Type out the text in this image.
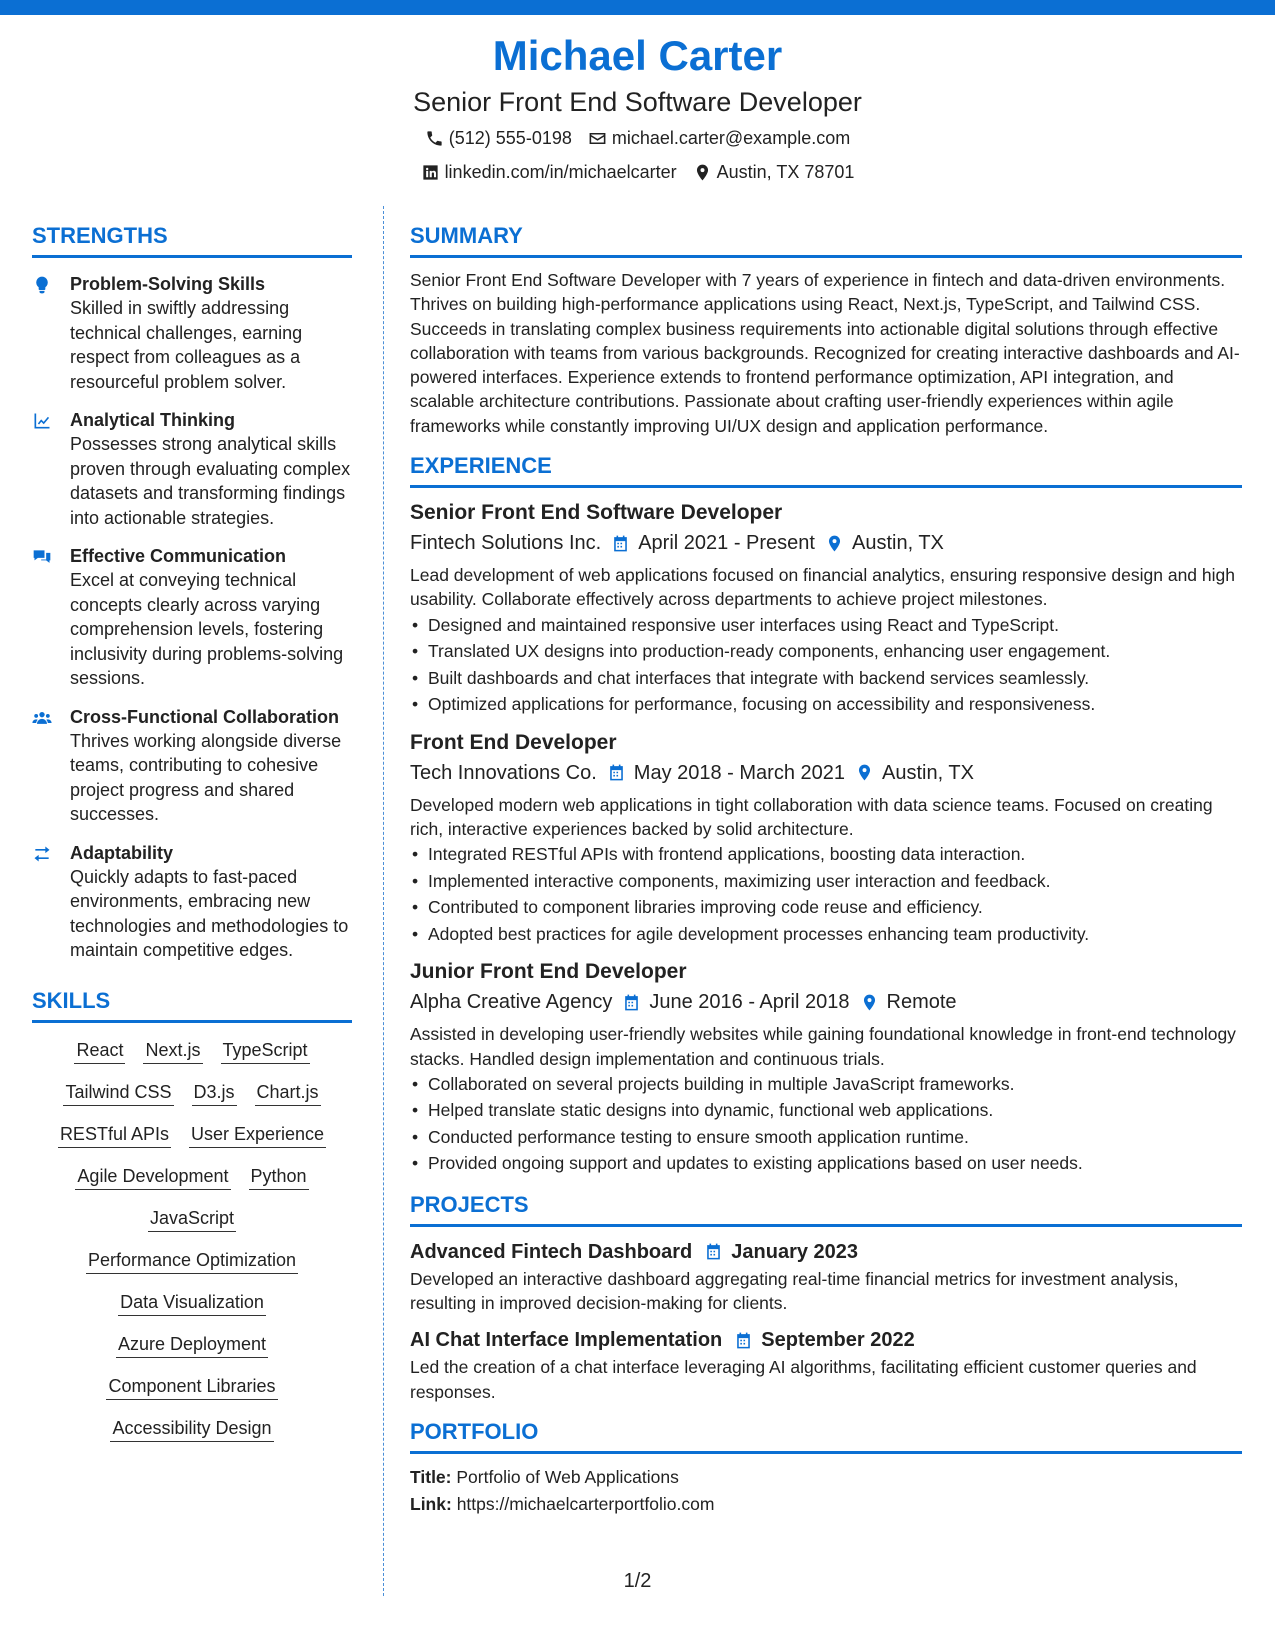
Michael Carter
Senior Front End Software Developer
(512) 555-0198 michael.carter@example.com
linkedin.com/in/michaelcarter Austin, TX 78701
STRENGTHS
Problem-Solving Skills
Skilled in swiftly addressing technical challenges, earning respect from colleagues as a resourceful problem solver.
Analytical Thinking
Possesses strong analytical skills proven through evaluating complex datasets and transforming findings into actionable strategies.
Effective Communication
Excel at conveying technical concepts clearly across varying comprehension levels, fostering inclusivity during problems-solving sessions.
Cross-Functional Collaboration
Thrives working alongside diverse teams, contributing to cohesive project progress and shared successes.
Adaptability
Quickly adapts to fast-paced environments, embracing new technologies and methodologies to maintain competitive edges.
SKILLS
React Next.js TypeScript
Tailwind CSS D3.js Chart.js
RESTful APIs User Experience
Agile Development Python
JavaScript
Performance Optimization
Data Visualization
Azure Deployment
Component Libraries
Accessibility Design
SUMMARY
Senior Front End Software Developer with 7 years of experience in fintech and data-driven environments. Thrives on building high-performance applications using React, Next.js, TypeScript, and Tailwind CSS. Succeeds in translating complex business requirements into actionable digital solutions through effective collaboration with teams from various backgrounds. Recognized for creating interactive dashboards and AI-powered interfaces. Experience extends to frontend performance optimization, API integration, and scalable architecture contributions. Passionate about crafting user-friendly experiences within agile frameworks while constantly improving UI/UX design and application performance.
EXPERIENCE
Senior Front End Software Developer
Fintech Solutions Inc. April 2021 - Present Austin, TX
Lead development of web applications focused on financial analytics, ensuring responsive design and high usability. Collaborate effectively across departments to achieve project milestones.
• Designed and maintained responsive user interfaces using React and TypeScript.
• Translated UX designs into production-ready components, enhancing user engagement.
• Built dashboards and chat interfaces that integrate with backend services seamlessly.
• Optimized applications for performance, focusing on accessibility and responsiveness.
Front End Developer
Tech Innovations Co. May 2018 - March 2021 Austin, TX
Developed modern web applications in tight collaboration with data science teams. Focused on creating rich, interactive experiences backed by solid architecture.
• Integrated RESTful APIs with frontend applications, boosting data interaction.
• Implemented interactive components, maximizing user interaction and feedback.
• Contributed to component libraries improving code reuse and efficiency.
• Adopted best practices for agile development processes enhancing team productivity.
Junior Front End Developer
Alpha Creative Agency June 2016 - April 2018 Remote
Assisted in developing user-friendly websites while gaining foundational knowledge in front-end technology stacks. Handled design implementation and continuous trials.
• Collaborated on several projects building in multiple JavaScript frameworks.
• Helped translate static designs into dynamic, functional web applications.
• Conducted performance testing to ensure smooth application runtime.
• Provided ongoing support and updates to existing applications based on user needs.
PROJECTS
Advanced Fintech Dashboard January 2023
Developed an interactive dashboard aggregating real-time financial metrics for investment analysis, resulting in improved decision-making for clients.
AI Chat Interface Implementation September 2022
Led the creation of a chat interface leveraging AI algorithms, facilitating efficient customer queries and responses.
PORTFOLIO
Title: Portfolio of Web Applications
Link: https://michaelcarterportfolio.com
1/2
